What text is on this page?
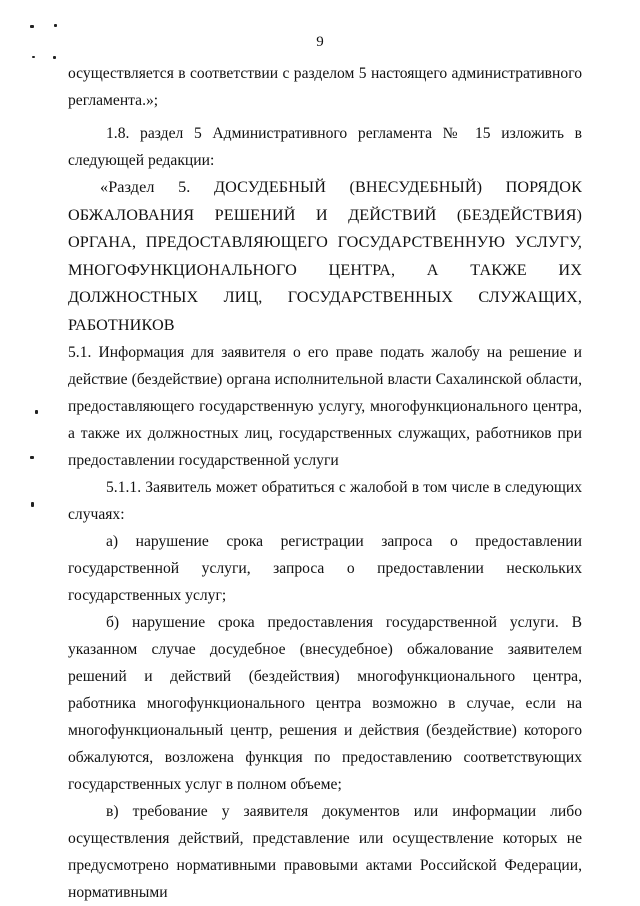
9

осуществляется в соответствии с разделом 5 настоящего административного регламента.»;

1.8. раздел 5 Административного регламента № 15 изложить в следующей редакции:

«Раздел 5. ДОСУДЕБНЫЙ (ВНЕСУДЕБНЫЙ) ПОРЯДОК ОБЖАЛОВАНИЯ РЕШЕНИЙ И ДЕЙСТВИЙ (БЕЗДЕЙСТВИЯ) ОРГАНА, ПРЕДОСТАВЛЯЮЩЕГО ГОСУДАРСТВЕННУЮ УСЛУГУ, МНОГОФУНКЦИОНАЛЬНОГО ЦЕНТРА, А ТАКЖЕ ИХ ДОЛЖНОСТНЫХ ЛИЦ, ГОСУДАРСТВЕННЫХ СЛУЖАЩИХ, РАБОТНИКОВ

5.1. Информация для заявителя о его праве подать жалобу на решение и действие (бездействие) органа исполнительной власти Сахалинской области, предоставляющего государственную услугу, многофункционального центра, а также их должностных лиц, государственных служащих, работников при предоставлении государственной услуги

5.1.1. Заявитель может обратиться с жалобой в том числе в следующих случаях:

а) нарушение срока регистрации запроса о предоставлении государственной услуги, запроса о предоставлении нескольких государственных услуг;

б) нарушение срока предоставления государственной услуги. В указанном случае досудебное (внесудебное) обжалование заявителем решений и действий (бездействия) многофункционального центра, работника многофункционального центра возможно в случае, если на многофункциональный центр, решения и действия (бездействие) которого обжалуются, возложена функция по предоставлению соответствующих государственных услуг в полном объеме;

в) требование у заявителя документов или информации либо осуществления действий, представление или осуществление которых не предусмотрено нормативными правовыми актами Российской Федерации, нормативными
